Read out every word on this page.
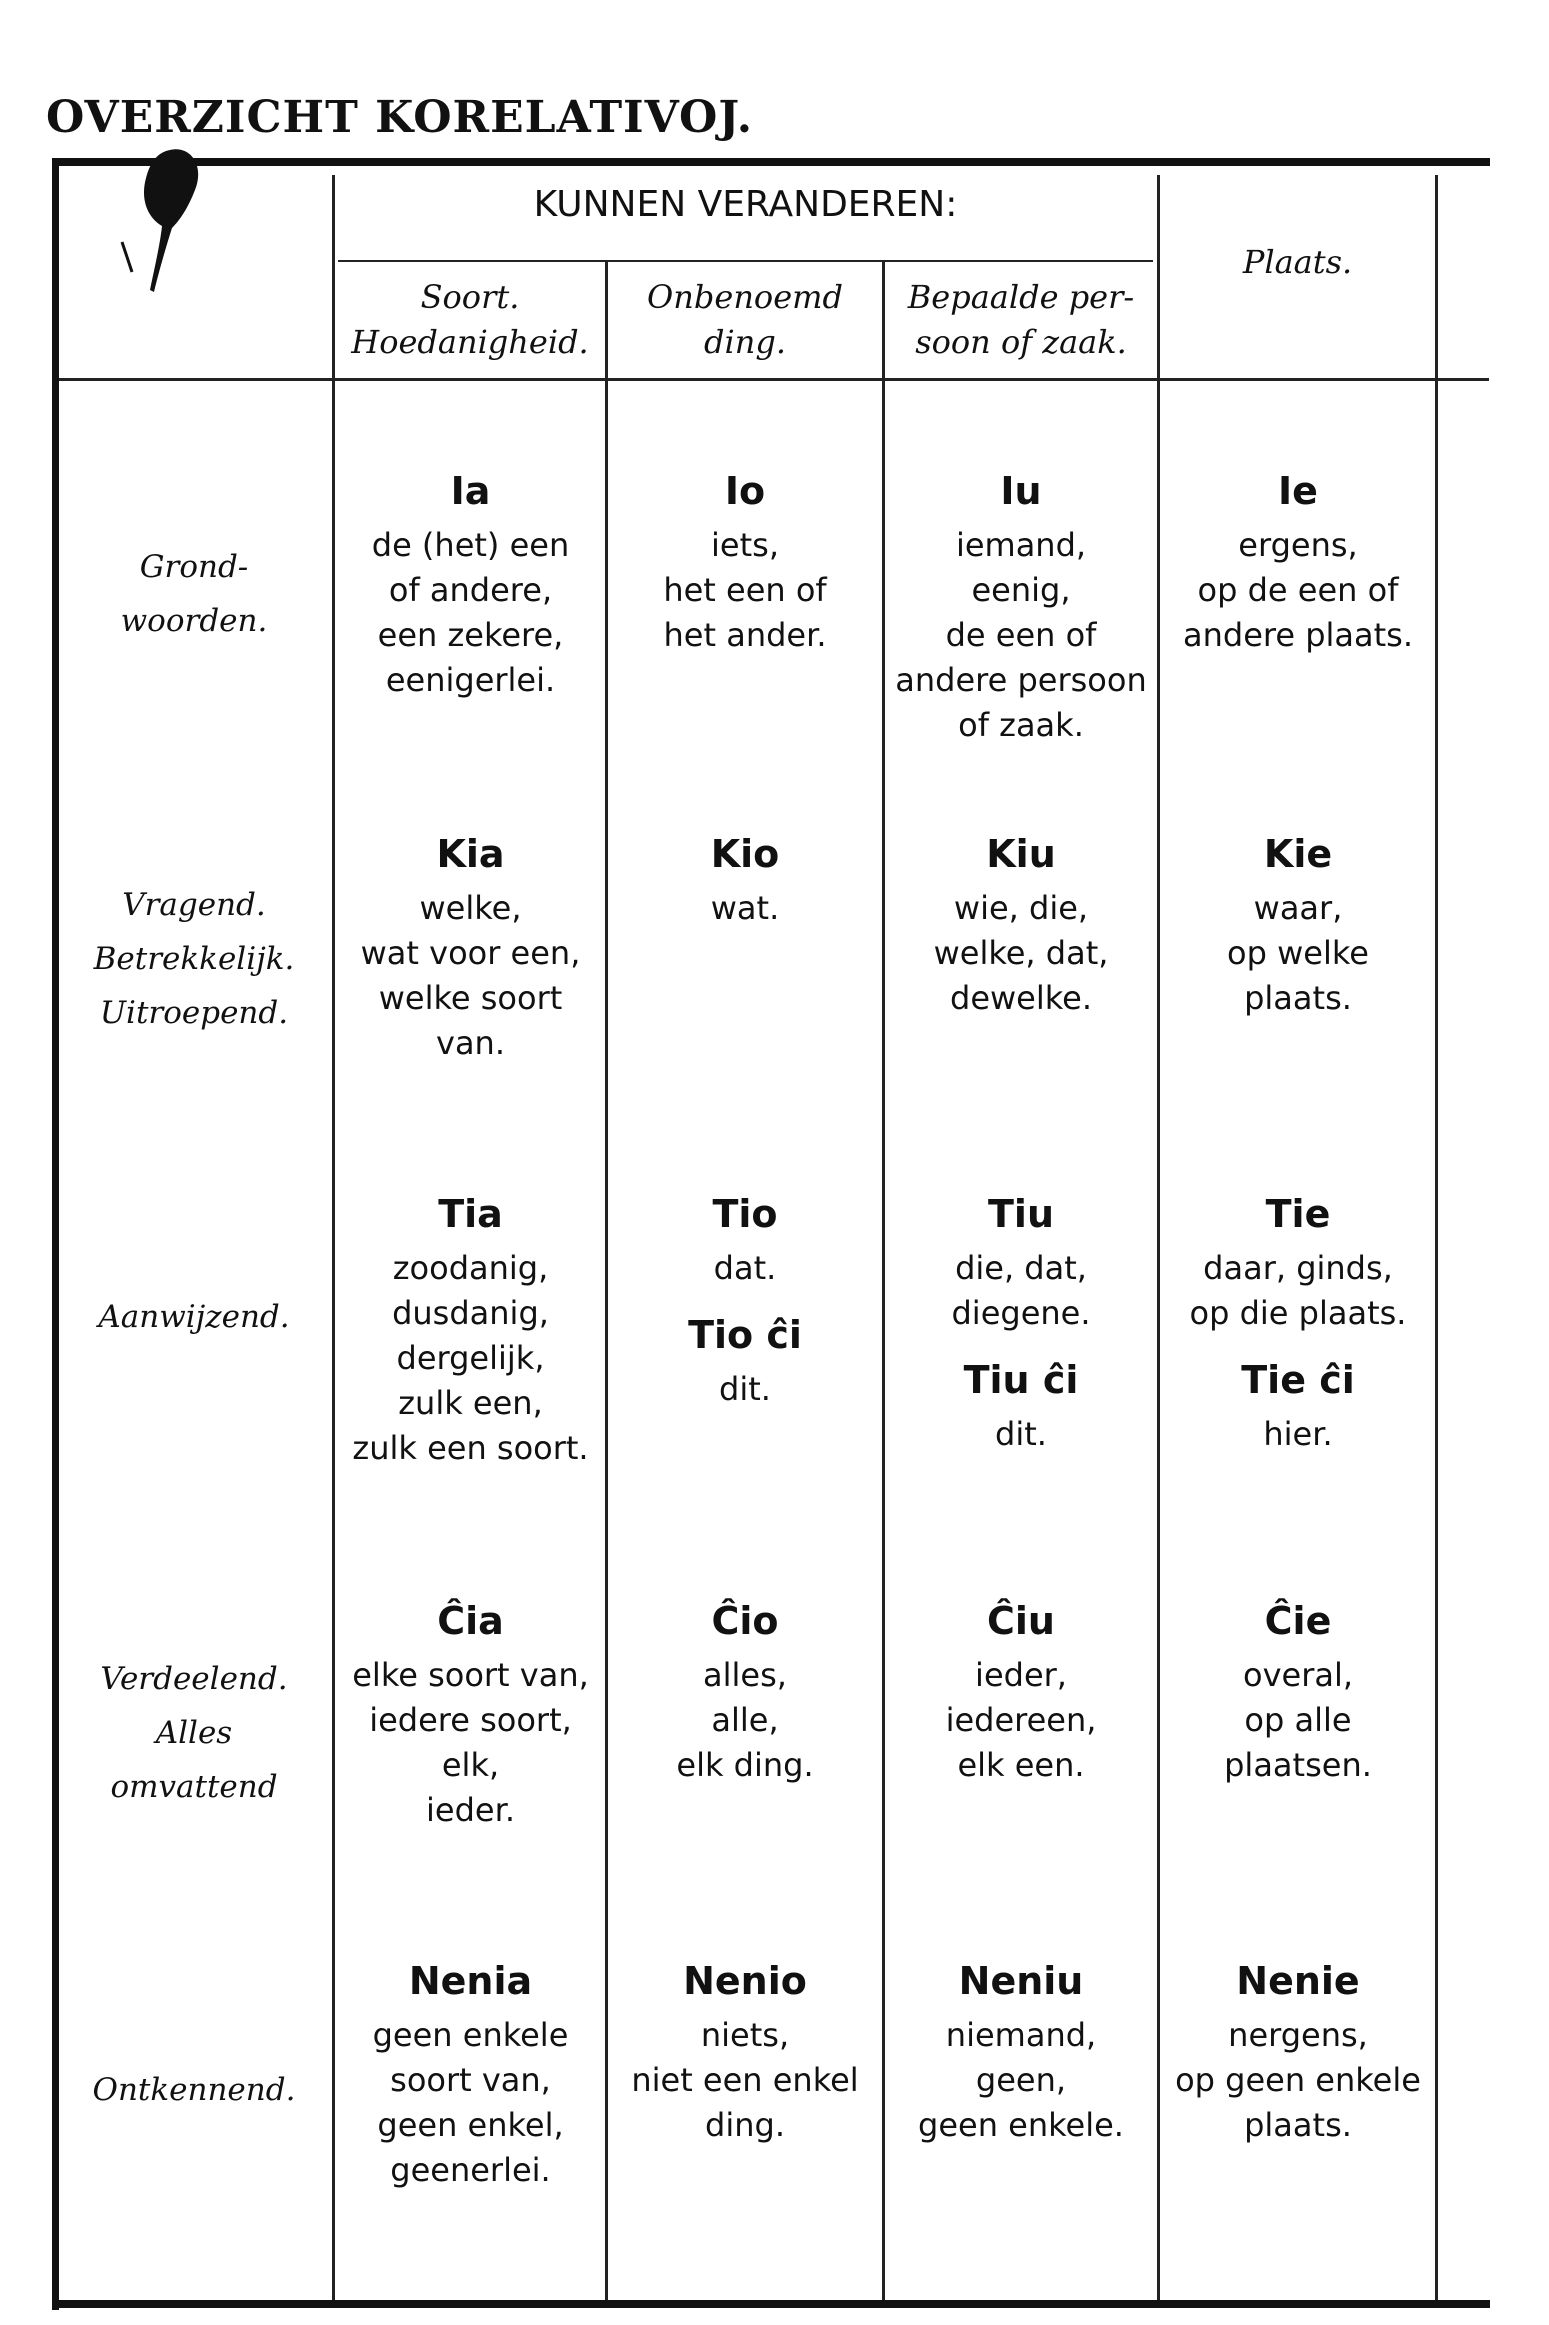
OVERZICHT KORELATIVOJ.
KUNNEN VERANDEREN:
Soort.
Hoedanigheid.
Onbenoemd
ding.
Bepaalde per-
soon of zaak.
Plaats.
Grond-
woorden.
Ia
de (het) een
of andere,
een zekere,
eenigerlei.
Io
iets,
het een of
het ander.
Iu
iemand,
eenig,
de een of
andere persoon
of zaak.
Ie
ergens,
op de een of
andere plaats.
Vragend.
Betrekkelijk.
Uitroepend.
Kia
welke,
wat voor een,
welke soort
van.
Kio
wat.
Kiu
wie, die,
welke, dat,
dewelke.
Kie
waar,
op welke
plaats.
Aanwijzend.
Tia
zoodanig,
dusdanig,
dergelijk,
zulk een,
zulk een soort.
Tio
dat.
Tio ĉi
dit.
Tiu
die, dat,
diegene.
Tiu ĉi
dit.
Tie
daar, ginds,
op die plaats.
Tie ĉi
hier.
Verdeelend.
Alles
omvattend
Ĉia
elke soort van,
iedere soort,
elk,
ieder.
Ĉio
alles,
alle,
elk ding.
Ĉiu
ieder,
iedereen,
elk een.
Ĉie
overal,
op alle
plaatsen.
Ontkennend.
Nenia
geen enkele
soort van,
geen enkel,
geenerlei.
Nenio
niets,
niet een enkel
ding.
Neniu
niemand,
geen,
geen enkele.
Nenie
nergens,
op geen enkele
plaats.
